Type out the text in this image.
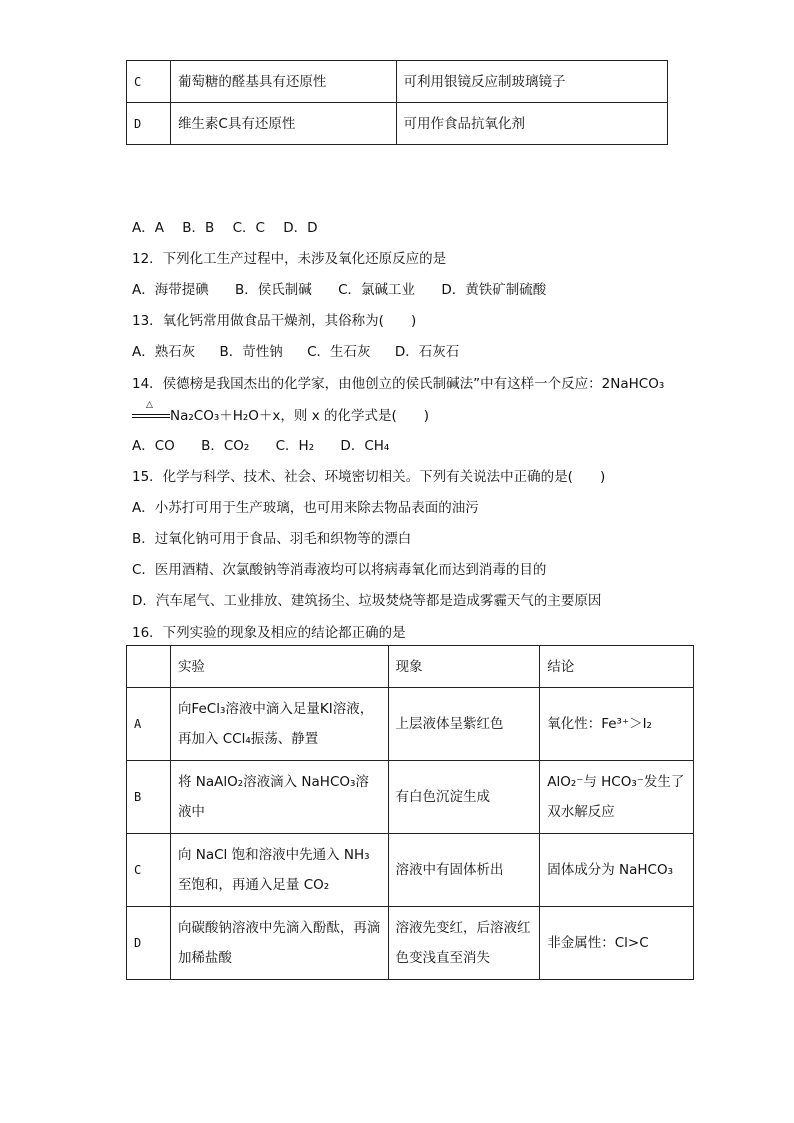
C	葡萄糖的醛基具有还原性	可利用银镜反应制玻璃镜子
D	维生素C具有还原性	可用作食品抗氧化剂
A．A B．B C．C D．D
12．下列化工生产过程中，未涉及氧化还原反应的是
A．海带提碘 B．侯氏制碱 C．氯碱工业 D．黄铁矿制硫酸
13．氧化钙常用做食品干燥剂，其俗称为(　　)
A．熟石灰 B．苛性钠 C．生石灰 D．石灰石
14．侯德榜是我国杰出的化学家，由他创立的侯氏制碱法”中有这样一个反应：2NaHCO₃
△
Na₂CO₃＋H₂O＋x，则 x 的化学式是(　　)
A．CO B．CO₂ C．H₂ D．CH₄
15．化学与科学、技术、社会、环境密切相关。下列有关说法中正确的是(　　)
A．小苏打可用于生产玻璃，也可用来除去物品表面的油污
B．过氧化钠可用于食品、羽毛和织物等的漂白
C．医用酒精、次氯酸钠等消毒液均可以将病毒氧化而达到消毒的目的
D．汽车尾气、工业排放、建筑扬尘、垃圾焚烧等都是造成雾霾天气的主要原因
16．下列实验的现象及相应的结论都正确的是
	实验	现象	结论
A	向FeCl₃溶液中滴入足量KI溶液，再加入 CCl₄振荡、静置	上层液体呈紫红色	氧化性：Fe³⁺＞I₂
B	将 NaAlO₂溶液滴入 NaHCO₃溶液中	有白色沉淀生成	AlO₂⁻与 HCO₃⁻发生了双水解反应
C	向 NaCl 饱和溶液中先通入 NH₃至饱和，再通入足量 CO₂	溶液中有固体析出	固体成分为 NaHCO₃
D	向碳酸钠溶液中先滴入酚酞，再滴加稀盐酸	溶液先变红，后溶液红色变浅直至消失	非金属性：Cl>C
